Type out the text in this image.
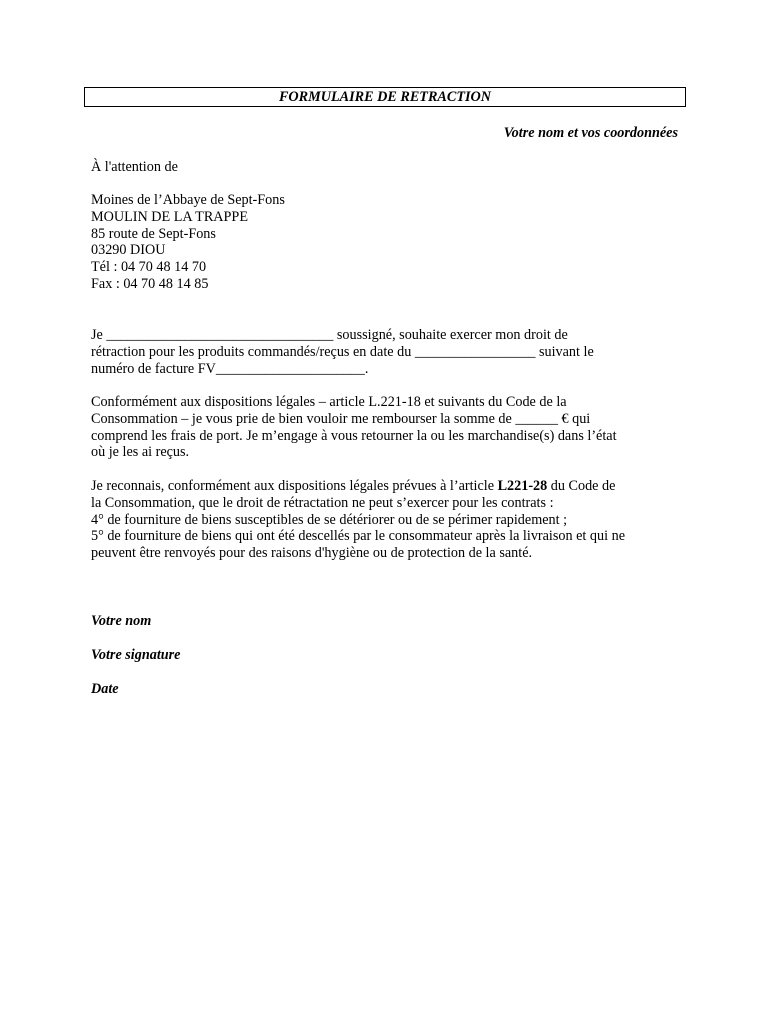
FORMULAIRE DE RETRACTION
Votre nom et vos coordonnées
À l'attention de
Moines de l’Abbaye de Sept-Fons
MOULIN DE LA TRAPPE
85 route de Sept-Fons
03290 DIOU
Tél : 04 70 48 14 70
Fax : 04 70 48 14 85
Je ________________________________ soussigné, souhaite exercer mon droit de
rétraction pour les produits commandés/reçus en date du _________________ suivant le
numéro de facture FV_____________________.
Conformément aux dispositions légales – article L.221-18 et suivants du Code de la
Consommation – je vous prie de bien vouloir me rembourser la somme de ______ € qui
comprend les frais de port. Je m’engage à vous retourner la ou les marchandise(s) dans l’état
où je les ai reçus.
Je reconnais, conformément aux dispositions légales prévues à l’article L221-28 du Code de
la Consommation, que le droit de rétractation ne peut s’exercer pour les contrats :
4° de fourniture de biens susceptibles de se détériorer ou de se périmer rapidement ;
5° de fourniture de biens qui ont été descellés par le consommateur après la livraison et qui ne
peuvent être renvoyés pour des raisons d'hygiène ou de protection de la santé.
Votre nom
Votre signature
Date
